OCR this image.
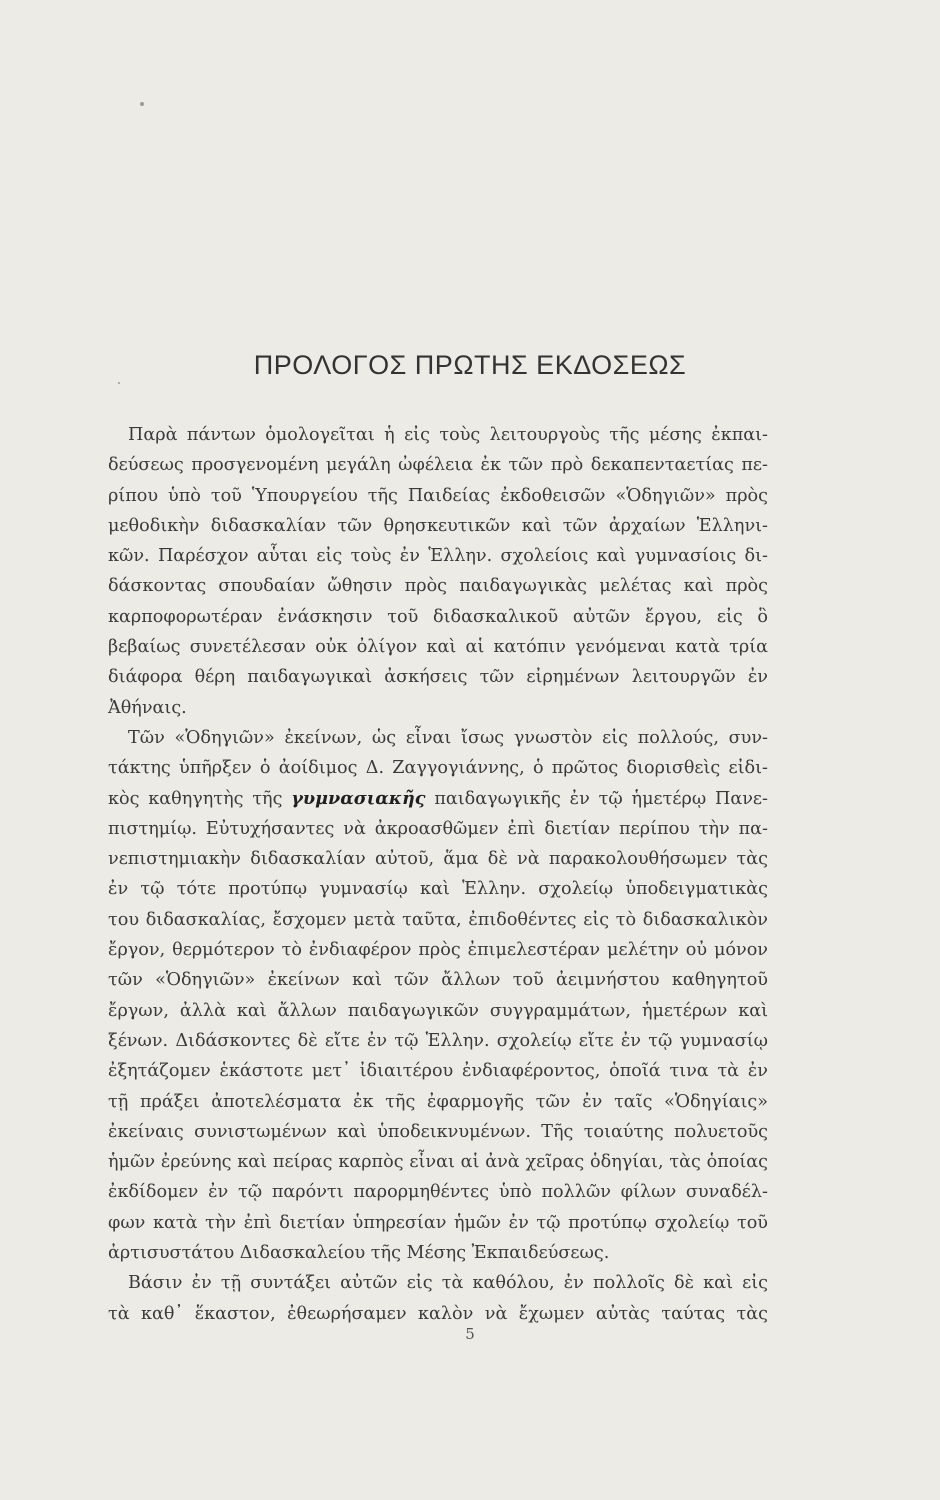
ΠΡΟΛΟΓΟΣ ΠΡΩΤΗΣ ΕΚΔΟΣΕΩΣ
Παρὰ πάντων ὁμολογεῖται ἡ εἰς τοὺς λειτουργοὺς τῆς μέσης ἐκπαι-
δεύσεως προσγενομένη μεγάλη ὠφέλεια ἐκ τῶν πρὸ δεκαπενταετίας πε-
ρίπου ὑπὸ τοῦ Ὑπουργείου τῆς Παιδείας ἐκδοθεισῶν «Ὁδηγιῶν» πρὸς
μεθοδικὴν διδασκαλίαν τῶν θρησκευτικῶν καὶ τῶν ἀρχαίων Ἑλληνι-
κῶν. Παρέσχον αὗται εἰς τοὺς ἐν Ἑλλην. σχολείοις καὶ γυμνασίοις δι-
δάσκοντας σπουδαίαν ὤθησιν πρὸς παιδαγωγικὰς μελέτας καὶ πρὸς
καρποφορωτέραν ἐνάσκησιν τοῦ διδασκαλικοῦ αὐτῶν ἔργου, εἰς ὃ
βεβαίως συνετέλεσαν οὐκ ὀλίγον καὶ αἱ κατόπιν γενόμεναι κατὰ τρία
διάφορα θέρη παιδαγωγικαὶ ἀσκήσεις τῶν εἰρημένων λειτουργῶν ἐν
Ἀθήναις.
Τῶν «Ὁδηγιῶν» ἐκείνων, ὡς εἶναι ἴσως γνωστὸν εἰς πολλούς, συν-
τάκτης ὑπῆρξεν ὁ ἀοίδιμος Δ. Ζαγγογιάννης, ὁ πρῶτος διορισθεὶς εἰδι-
κὸς καθηγητὴς τῆς γυμνασιακῆς παιδαγωγικῆς ἐν τῷ ἡμετέρῳ Πανε-
πιστημίῳ. Εὐτυχήσαντες νὰ ἀκροασθῶμεν ἐπὶ διετίαν περίπου τὴν πα-
νεπιστημιακὴν διδασκαλίαν αὐτοῦ, ἅμα δὲ νὰ παρακολουθήσωμεν τὰς
ἐν τῷ τότε προτύπῳ γυμνασίῳ καὶ Ἑλλην. σχολείῳ ὑποδειγματικὰς
του διδασκαλίας, ἔσχομεν μετὰ ταῦτα, ἐπιδοθέντες εἰς τὸ διδασκαλικὸν
ἔργον, θερμότερον τὸ ἐνδιαφέρον πρὸς ἐπιμελεστέραν μελέτην οὐ μόνον
τῶν «Ὁδηγιῶν» ἐκείνων καὶ τῶν ἄλλων τοῦ ἀειμνήστου καθηγητοῦ
ἔργων, ἀλλὰ καὶ ἄλλων παιδαγωγικῶν συγγραμμάτων, ἡμετέρων καὶ
ξένων. Διδάσκοντες δὲ εἴτε ἐν τῷ Ἑλλην. σχολείῳ εἴτε ἐν τῷ γυμνασίῳ
ἐξητάζομεν ἑκάστοτε μετ᾿ ἰδιαιτέρου ἐνδιαφέροντος, ὁποῖά τινα τὰ ἐν
τῇ πράξει ἀποτελέσματα ἐκ τῆς ἐφαρμογῆς τῶν ἐν ταῖς «Ὁδηγίαις»
ἐκείναις συνιστωμένων καὶ ὑποδεικνυμένων. Τῆς τοιαύτης πολυετοῦς
ἡμῶν ἐρεύνης καὶ πείρας καρπὸς εἶναι αἱ ἀνὰ χεῖρας ὁδηγίαι, τὰς ὁποίας
ἐκδίδομεν ἐν τῷ παρόντι παρορμηθέντες ὑπὸ πολλῶν φίλων συναδέλ-
φων κατὰ τὴν ἐπὶ διετίαν ὑπηρεσίαν ἡμῶν ἐν τῷ προτύπῳ σχολείῳ τοῦ
ἀρτισυστάτου Διδασκαλείου τῆς Μέσης Ἐκπαιδεύσεως.
Βάσιν ἐν τῇ συντάξει αὐτῶν εἰς τὰ καθόλου, ἐν πολλοῖς δὲ καὶ εἰς
τὰ καθ᾿ ἕκαστον, ἐθεωρήσαμεν καλὸν νὰ ἔχωμεν αὐτὰς ταύτας τὰς
5
